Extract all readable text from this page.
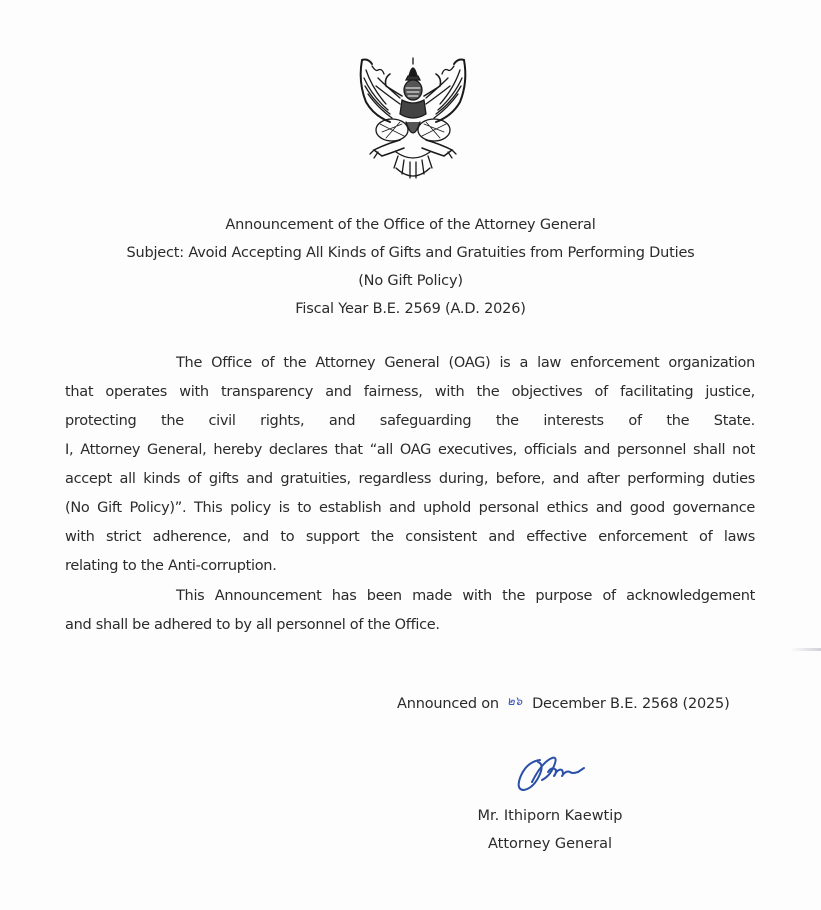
Announcement of the Office of the Attorney General
Subject: Avoid Accepting All Kinds of Gifts and Gratuities from Performing Duties
(No Gift Policy)
Fiscal Year B.E. 2569 (A.D. 2026)
The Office of the Attorney General (OAG) is a law enforcement organization
that operates with transparency and fairness, with the objectives of facilitating justice,
protecting the civil rights, and safeguarding the interests of the State.
I, Attorney General, hereby declares that “all OAG executives, officials and personnel shall not
accept all kinds of gifts and gratuities, regardless during, before, and after performing duties
(No Gift Policy)”. This policy is to establish and uphold personal ethics and good governance
with strict adherence, and to support the consistent and effective enforcement of laws
relating to the Anti-corruption.
This Announcement has been made with the purpose of acknowledgement
and shall be adhered to by all personnel of the Office.
Announced on ๒๖ December B.E. 2568 (2025)
Mr. Ithiporn Kaewtip
Attorney General
